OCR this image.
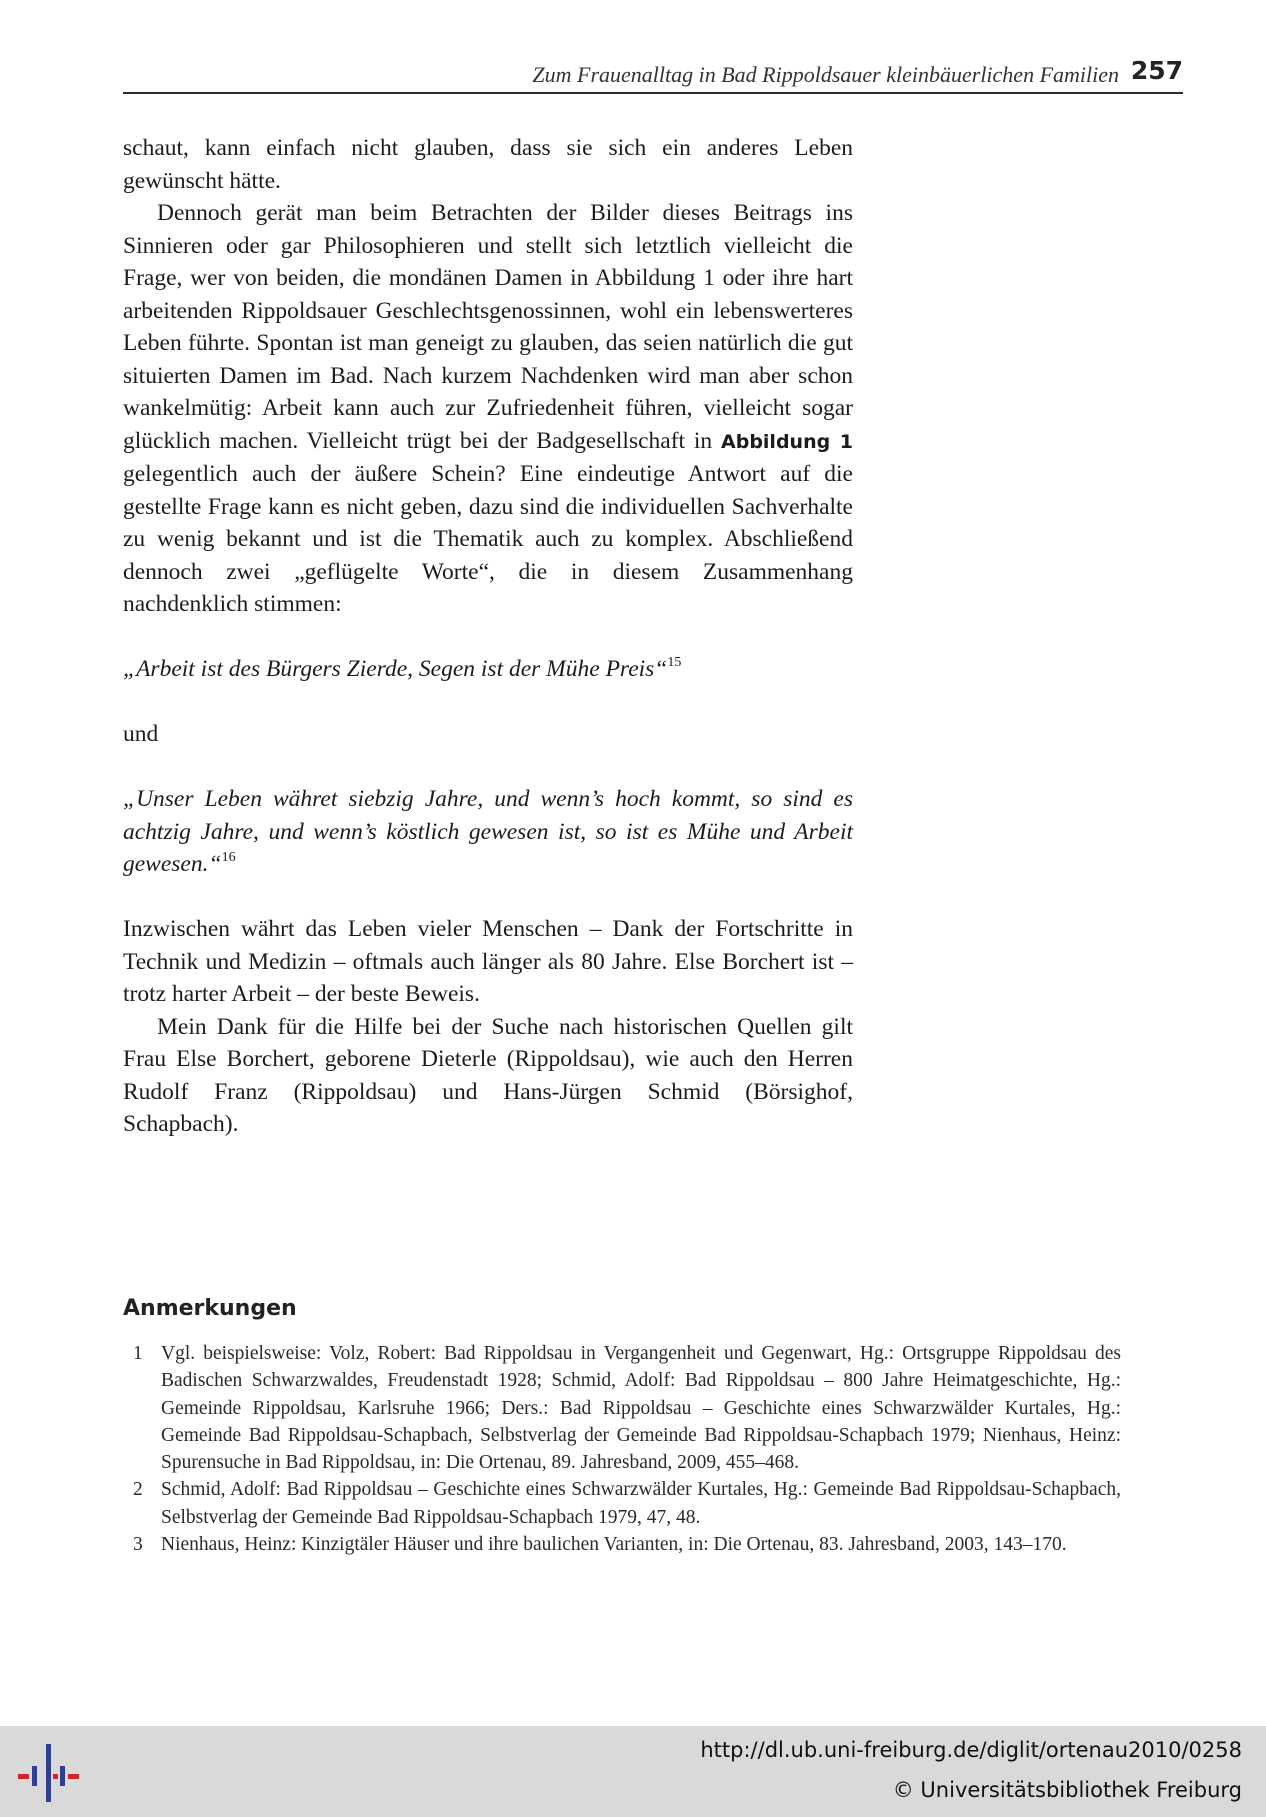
Zum Frauenalltag in Bad Rippoldsauer kleinbäuerlichen Familien 257

schaut, kann einfach nicht glauben, dass sie sich ein anderes Leben gewünscht hätte.

Dennoch gerät man beim Betrachten der Bilder dieses Beitrags ins Sinnieren oder gar Philosophieren und stellt sich letztlich vielleicht die Frage, wer von beiden, die mondänen Damen in Abbildung 1 oder ihre hart arbeitenden Rippoldsauer Geschlechtsgenossinnen, wohl ein lebenswerteres Leben führte. Spontan ist man geneigt zu glauben, das seien natürlich die gut situierten Damen im Bad. Nach kurzem Nachdenken wird man aber schon wankelmütig: Arbeit kann auch zur Zufriedenheit führen, vielleicht sogar glücklich machen. Vielleicht trügt bei der Badgesellschaft in Abbildung 1 gelegentlich auch der äußere Schein? Eine eindeutige Antwort auf die gestellte Frage kann es nicht geben, dazu sind die individuellen Sachverhalte zu wenig bekannt und ist die Thematik auch zu komplex. Abschließend dennoch zwei „geflügelte Worte“, die in diesem Zusammenhang nachdenklich stimmen:

„Arbeit ist des Bürgers Zierde, Segen ist der Mühe Preis“$^{15}$

und

„Unser Leben währet siebzig Jahre, und wenn’s hoch kommt, so sind es achtzig Jahre, und wenn’s köstlich gewesen ist, so ist es Mühe und Arbeit gewesen.“$^{16}$

Inzwischen währt das Leben vieler Menschen – Dank der Fortschritte in Technik und Medizin – oftmals auch länger als 80 Jahre. Else Borchert ist – trotz harter Arbeit – der beste Beweis.

Mein Dank für die Hilfe bei der Suche nach historischen Quellen gilt Frau Else Borchert, geborene Dieterle (Rippoldsau), wie auch den Herren Rudolf Franz (Rippoldsau) und Hans-Jürgen Schmid (Börsighof, Schapbach).

Anmerkungen
1 Vgl. beispielsweise: Volz, Robert: Bad Rippoldsau in Vergangenheit und Gegenwart, Hg.: Ortsgruppe Rippoldsau des Badischen Schwarzwaldes, Freudenstadt 1928; Schmid, Adolf: Bad Rippoldsau – 800 Jahre Heimatgeschichte, Hg.: Gemeinde Rippoldsau, Karlsruhe 1966; Ders.: Bad Rippoldsau – Geschichte eines Schwarzwälder Kurtales, Hg.: Gemeinde Bad Rippoldsau-Schapbach, Selbstverlag der Gemeinde Bad Rippoldsau-Schapbach 1979; Nienhaus, Heinz: Spurensuche in Bad Rippoldsau, in: Die Ortenau, 89. Jahresband, 2009, 455–468.
2 Schmid, Adolf: Bad Rippoldsau – Geschichte eines Schwarzwälder Kurtales, Hg.: Gemeinde Bad Rippoldsau-Schapbach, Selbstverlag der Gemeinde Bad Rippoldsau-Schapbach 1979, 47, 48.
3 Nienhaus, Heinz: Kinzigtäler Häuser und ihre baulichen Varianten, in: Die Ortenau, 83. Jahresband, 2003, 143–170.
http://dl.ub.uni-freiburg.de/diglit/ortenau2010/0258
© Universitätsbibliothek Freiburg
